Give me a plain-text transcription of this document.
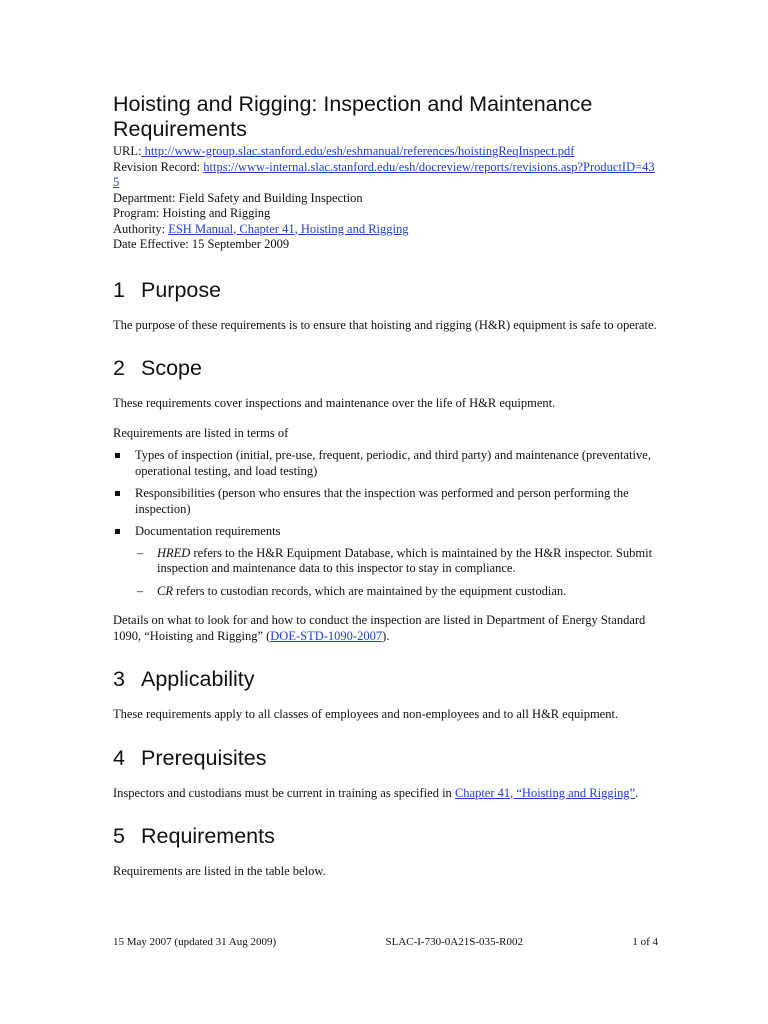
Hoisting and Rigging: Inspection and Maintenance Requirements
URL: http://www-group.slac.stanford.edu/esh/eshmanual/references/hoistingReqInspect.pdf
Revision Record: https://www-internal.slac.stanford.edu/esh/docreview/reports/revisions.asp?ProductID=435
Department: Field Safety and Building Inspection
Program: Hoisting and Rigging
Authority: ESH Manual, Chapter 41, Hoisting and Rigging
Date Effective: 15 September 2009
1 Purpose

The purpose of these requirements is to ensure that hoisting and rigging (H&R) equipment is safe to operate.

2 Scope

These requirements cover inspections and maintenance over the life of H&R equipment.

Requirements are listed in terms of

Types of inspection (initial, pre-use, frequent, periodic, and third party) and maintenance (preventative, operational testing, and load testing)
Responsibilities (person who ensures that the inspection was performed and person performing the inspection)
Documentation requirements
– HRED refers to the H&R Equipment Database, which is maintained by the H&R inspector. Submit inspection and maintenance data to this inspector to stay in compliance.
– CR refers to custodian records, which are maintained by the equipment custodian.

Details on what to look for and how to conduct the inspection are listed in Department of Energy Standard 1090, “Hoisting and Rigging” (DOE-STD-1090-2007).

3 Applicability

These requirements apply to all classes of employees and non-employees and to all H&R equipment.

4 Prerequisites

Inspectors and custodians must be current in training as specified in Chapter 41, “Hoisting and Rigging”.

5 Requirements

Requirements are listed in the table below.

15 May 2007 (updated 31 Aug 2009)	SLAC-I-730-0A21S-035-R002	1 of 4
